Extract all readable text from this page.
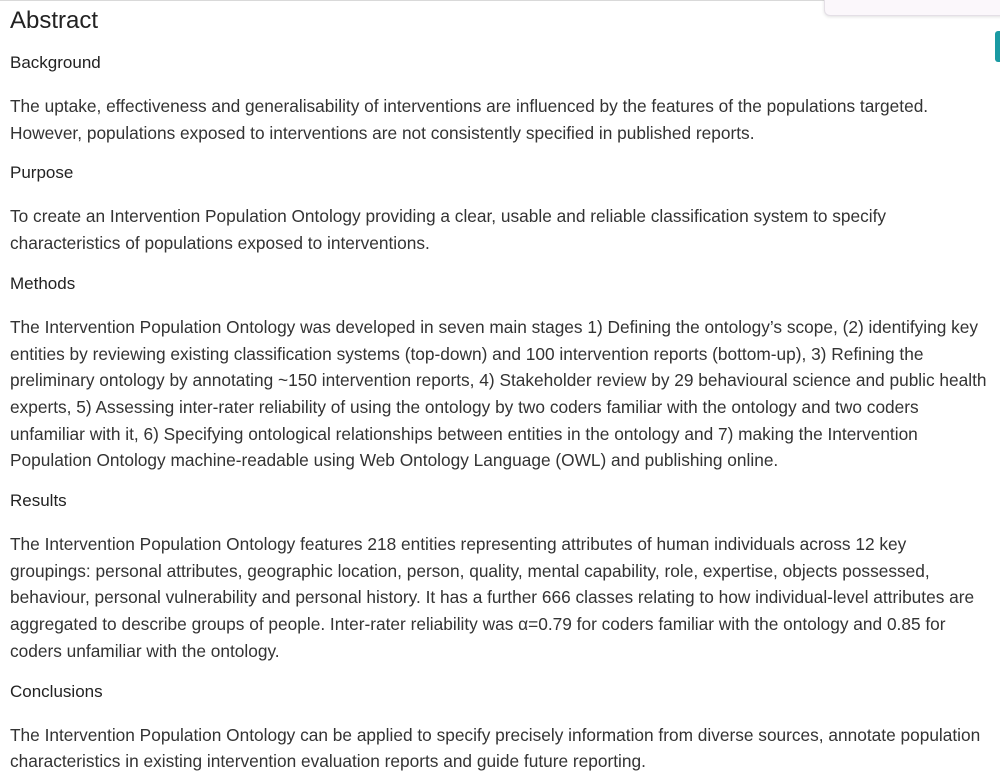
Abstract
Background

The uptake, effectiveness and generalisability of interventions are influenced by the features of the populations targeted. However, populations exposed to interventions are not consistently specified in published reports.

Purpose

To create an Intervention Population Ontology providing a clear, usable and reliable classification system to specify characteristics of populations exposed to interventions.

Methods

The Intervention Population Ontology was developed in seven main stages 1) Defining the ontology’s scope, (2) identifying key entities by reviewing existing classification systems (top-down) and 100 intervention reports (bottom-up), 3) Refining the preliminary ontology by annotating ~150 intervention reports, 4) Stakeholder review by 29 behavioural science and public health experts, 5) Assessing inter-rater reliability of using the ontology by two coders familiar with the ontology and two coders unfamiliar with it, 6) Specifying ontological relationships between entities in the ontology and 7) making the Intervention Population Ontology machine-readable using Web Ontology Language (OWL) and publishing online.

Results

The Intervention Population Ontology features 218 entities representing attributes of human individuals across 12 key groupings: personal attributes, geographic location, person, quality, mental capability, role, expertise, objects possessed, behaviour, personal vulnerability and personal history. It has a further 666 classes relating to how individual-level attributes are aggregated to describe groups of people. Inter-rater reliability was α=0.79 for coders familiar with the ontology and 0.85 for coders unfamiliar with the ontology.

Conclusions

The Intervention Population Ontology can be applied to specify precisely information from diverse sources, annotate population characteristics in existing intervention evaluation reports and guide future reporting.
